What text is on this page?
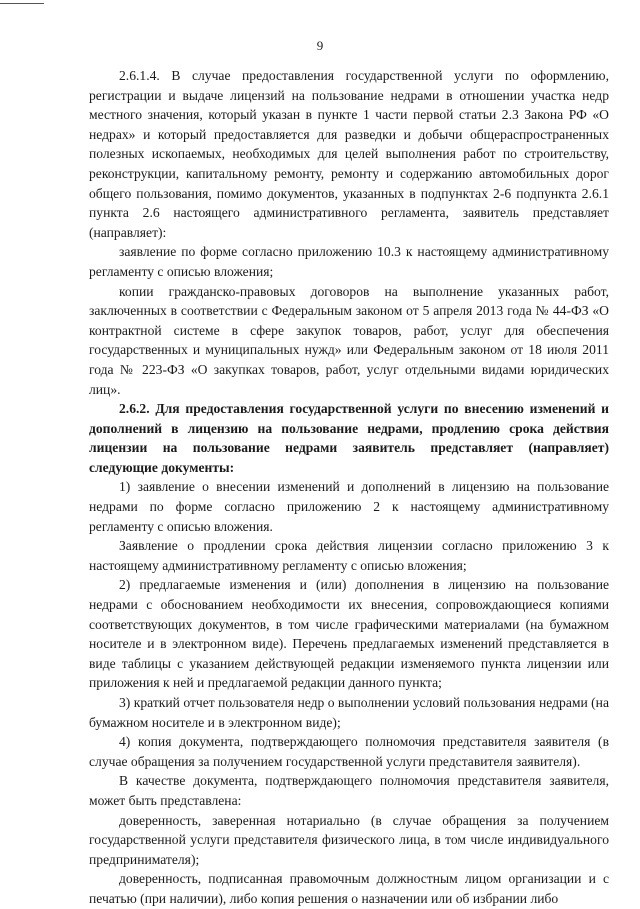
9

2.6.1.4. В случае предоставления государственной услуги по оформлению, регистрации и выдаче лицензий на пользование недрами в отношении участка недр местного значения, который указан в пункте 1 части первой статьи 2.3 Закона РФ «О недрах» и который предоставляется для разведки и добычи общераспространенных полезных ископаемых, необходимых для целей выполнения работ по строительству, реконструкции, капитальному ремонту, ремонту и содержанию автомобильных дорог общего пользования, помимо документов, указанных в подпунктах 2-6 подпункта 2.6.1 пункта 2.6 настоящего административного регламента, заявитель представляет (направляет):

заявление по форме согласно приложению 10.3 к настоящему административному регламенту с описью вложения;

копии гражданско-правовых договоров на выполнение указанных работ, заключенных в соответствии с Федеральным законом от 5 апреля 2013 года № 44-ФЗ «О контрактной системе в сфере закупок товаров, работ, услуг для обеспечения государственных и муниципальных нужд» или Федеральным законом от 18 июля 2011 года № 223-ФЗ «О закупках товаров, работ, услуг отдельными видами юридических лиц».

2.6.2. Для предоставления государственной услуги по внесению изменений и дополнений в лицензию на пользование недрами, продлению срока действия лицензии на пользование недрами заявитель представляет (направляет) следующие документы:

1) заявление о внесении изменений и дополнений в лицензию на пользование недрами по форме согласно приложению 2 к настоящему административному регламенту с описью вложения.

Заявление о продлении срока действия лицензии согласно приложению 3 к настоящему административному регламенту с описью вложения;

2) предлагаемые изменения и (или) дополнения в лицензию на пользование недрами с обоснованием необходимости их внесения, сопровождающиеся копиями соответствующих документов, в том числе графическими материалами (на бумажном носителе и в электронном виде). Перечень предлагаемых изменений представляется в виде таблицы с указанием действующей редакции изменяемого пункта лицензии или приложения к ней и предлагаемой редакции данного пункта;

3) краткий отчет пользователя недр о выполнении условий пользования недрами (на бумажном носителе и в электронном виде);

4) копия документа, подтверждающего полномочия представителя заявителя (в случае обращения за получением государственной услуги представителя заявителя).

В качестве документа, подтверждающего полномочия представителя заявителя, может быть представлена:

доверенность, заверенная нотариально (в случае обращения за получением государственной услуги представителя физического лица, в том числе индивидуального предпринимателя);

доверенность, подписанная правомочным должностным лицом организации и с печатью (при наличии), либо копия решения о назначении или об избрании либо
